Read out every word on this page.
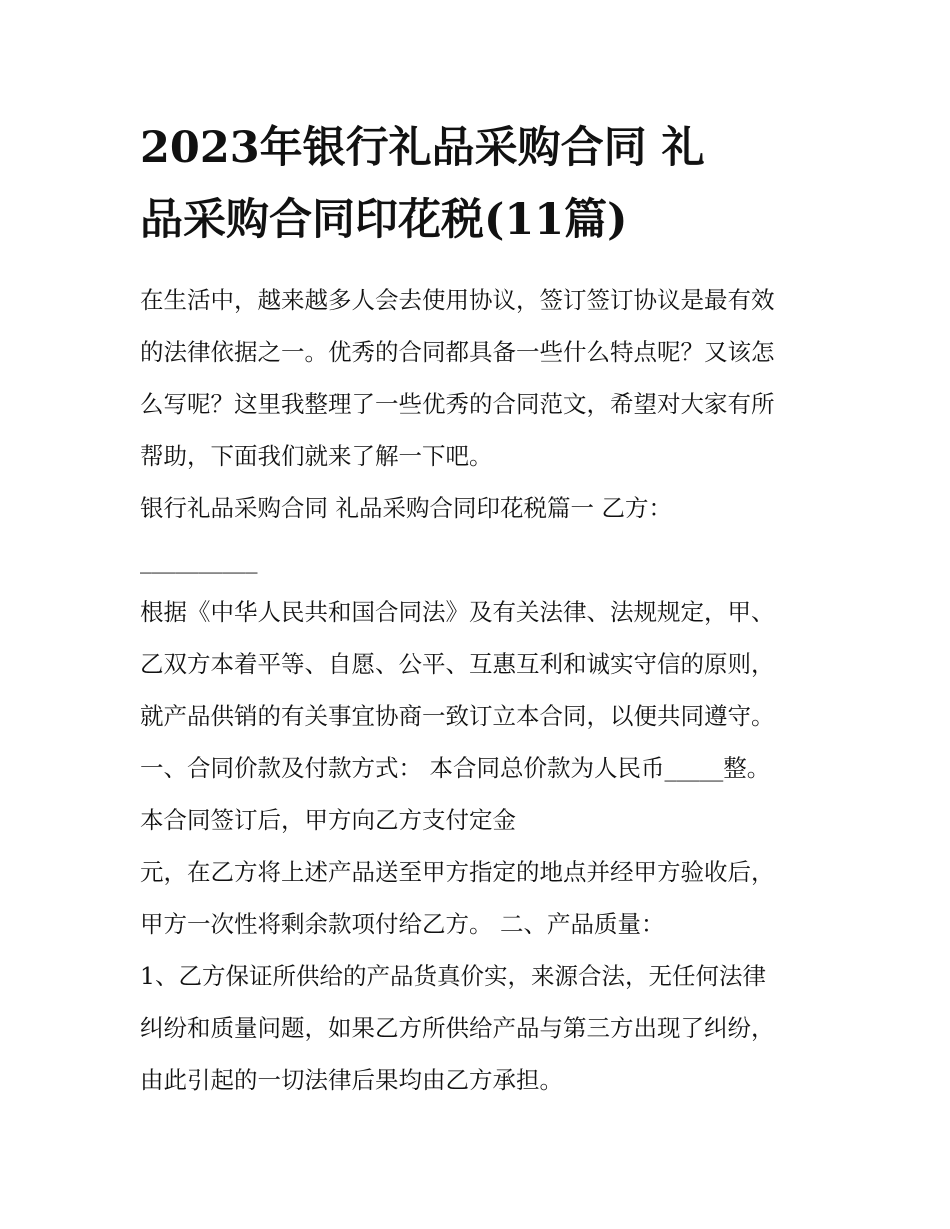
2023年银行礼品采购合同 礼
品采购合同印花税(11篇)
在生活中，越来越多人会去使用协议，签订签订协议是最有效
的法律依据之一。优秀的合同都具备一些什么特点呢？又该怎
么写呢？这里我整理了一些优秀的合同范文，希望对大家有所
帮助，下面我们就来了解一下吧。
银行礼品采购合同 礼品采购合同印花税篇一 乙方：
__________
根据《中华人民共和国合同法》及有关法律、法规规定，甲、
乙双方本着平等、自愿、公平、互惠互利和诚实守信的原则，
就产品供销的有关事宜协商一致订立本合同，以便共同遵守。
一、合同价款及付款方式： 本合同总价款为人民币_____整。
本合同签订后，甲方向乙方支付定金
元，在乙方将上述产品送至甲方指定的地点并经甲方验收后，
甲方一次性将剩余款项付给乙方。 二、产品质量：
1、乙方保证所供给的产品货真价实，来源合法，无任何法律
纠纷和质量问题，如果乙方所供给产品与第三方出现了纠纷，
由此引起的一切法律后果均由乙方承担。
